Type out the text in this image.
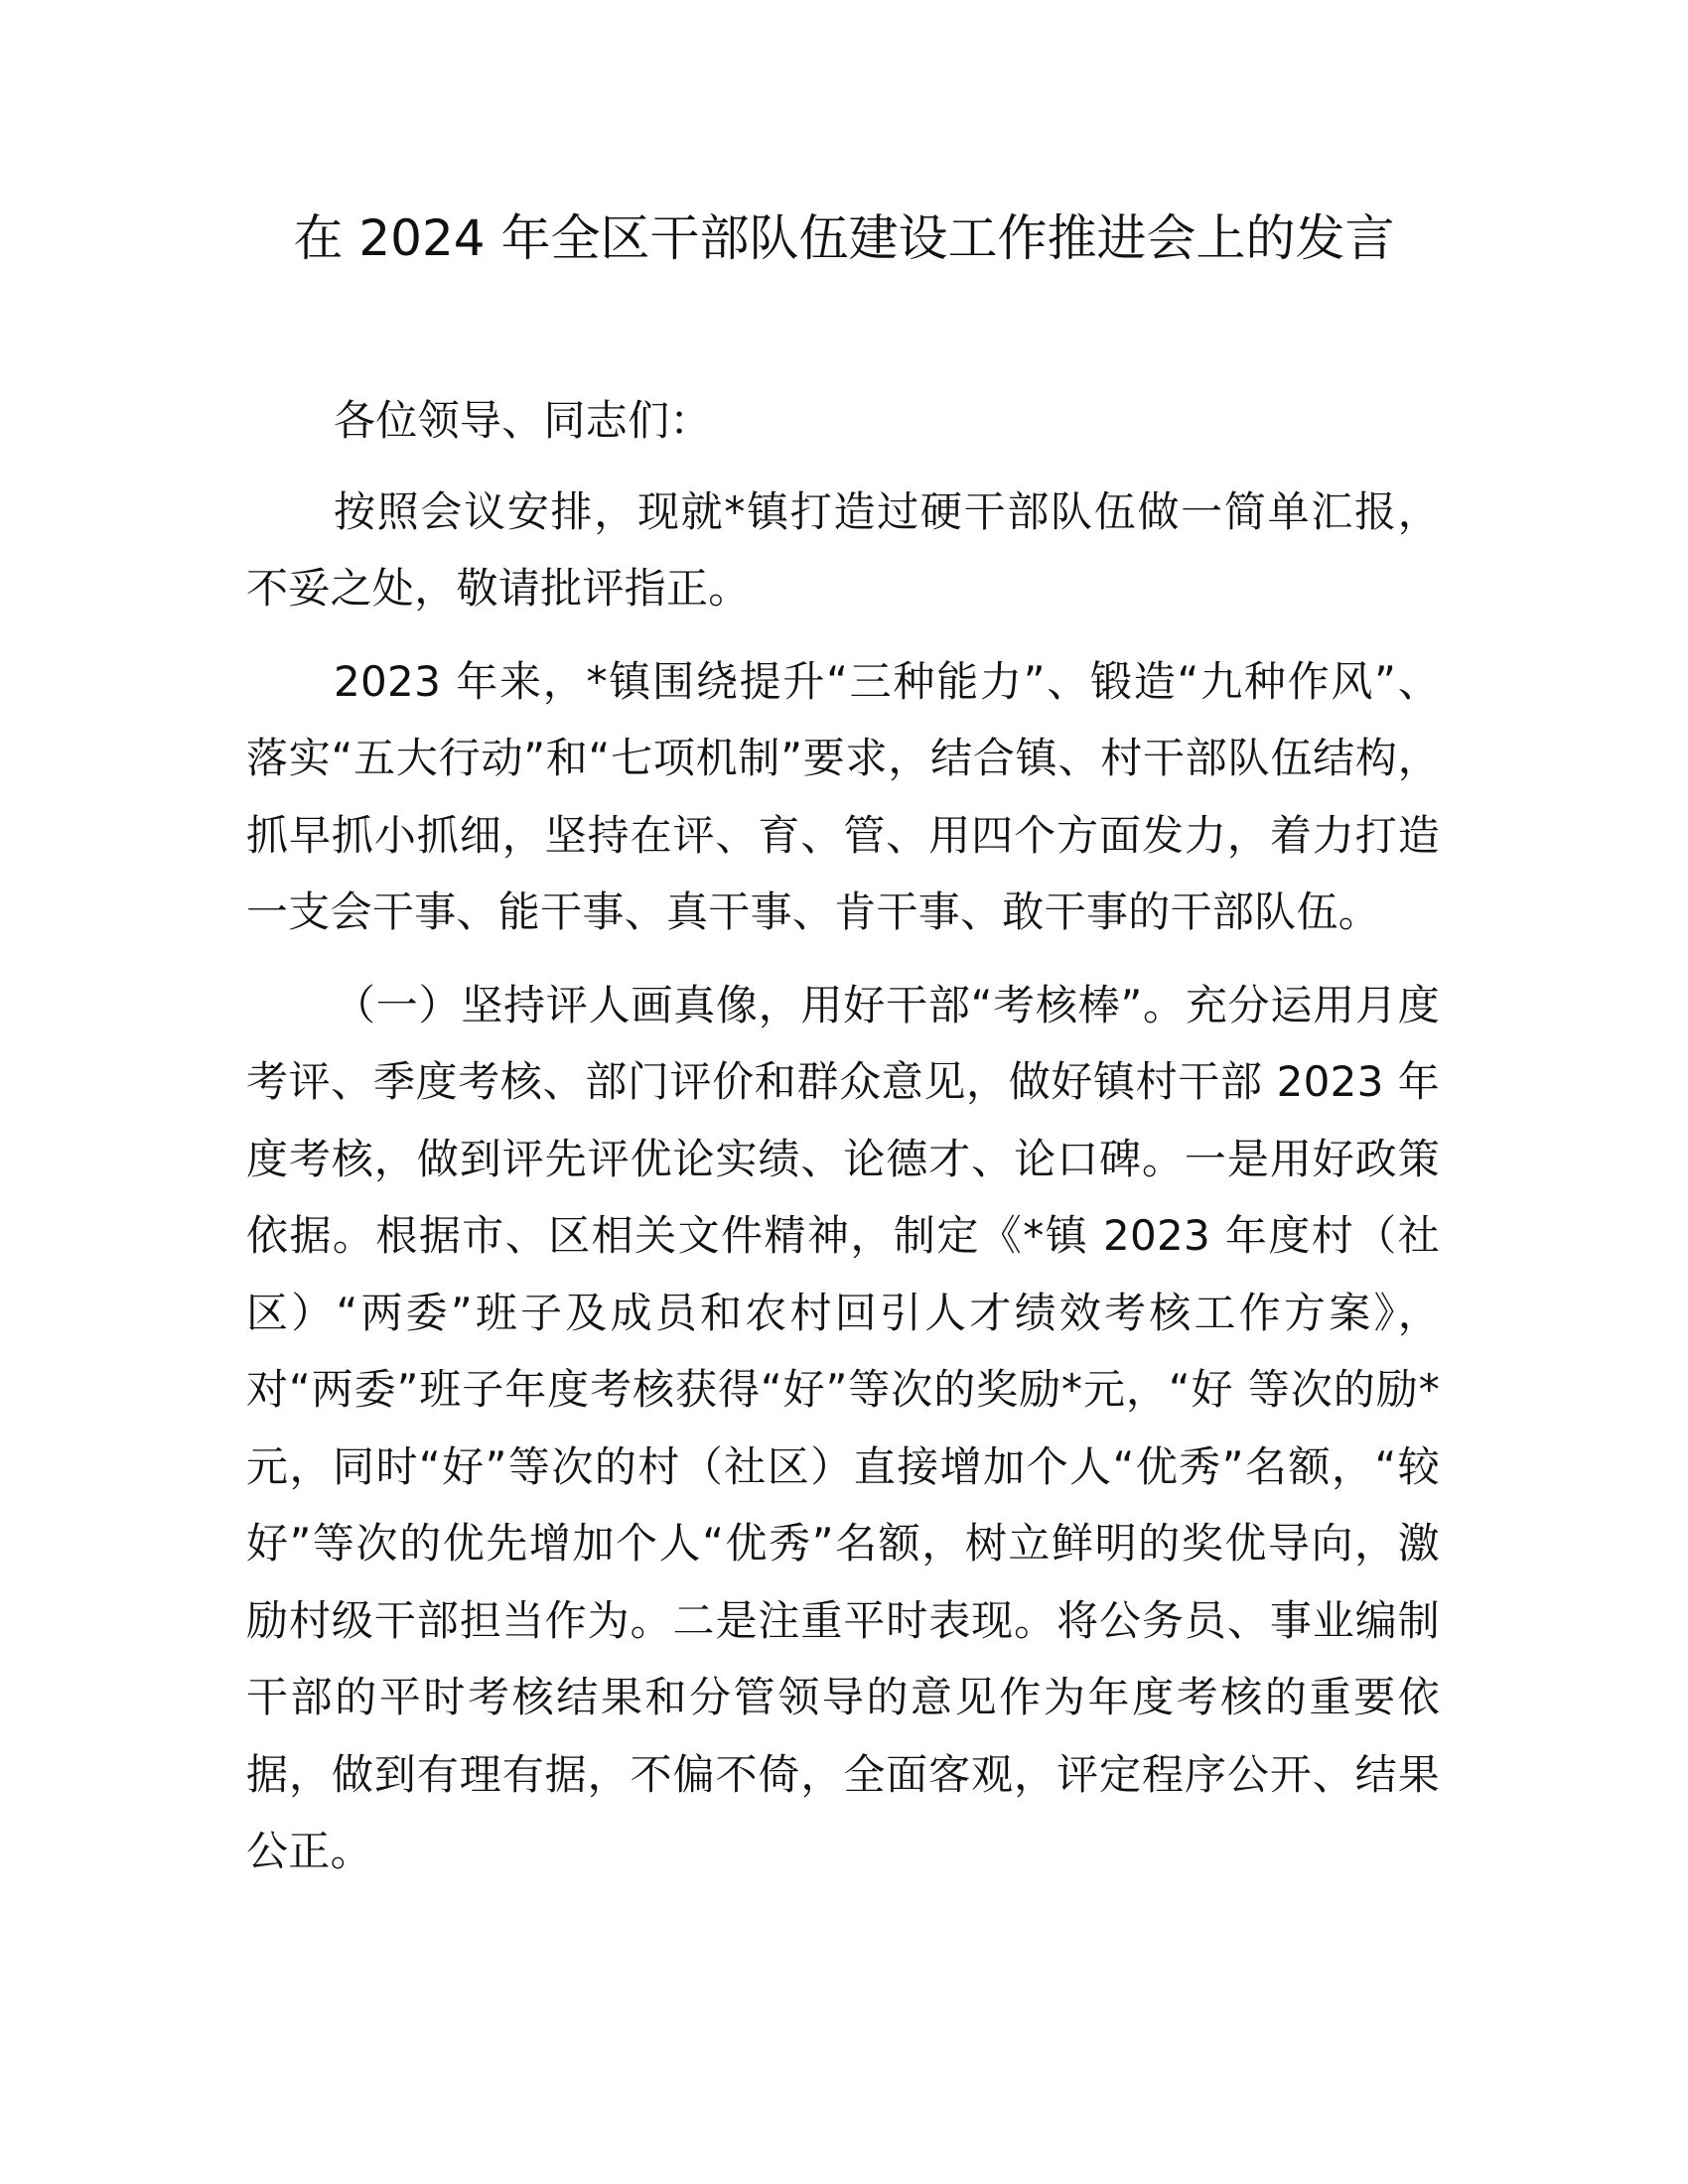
在 2024 年全区干部队伍建设工作推进会上的发言

各位领导、同志们：

按照会议安排，现就*镇打造过硬干部队伍做一简单汇报，不妥之处，敬请批评指正。

2023 年来，*镇围绕提升“三种能力”、锻造“九种作风”、落实“五大行动”和“七项机制”要求，结合镇、村干部队伍结构，抓早抓小抓细，坚持在评、育、管、用四个方面发力，着力打造一支会干事、能干事、真干事、肯干事、敢干事的干部队伍。

（一）坚持评人画真像，用好干部“考核棒”。充分运用月度考评、季度考核、部门评价和群众意见，做好镇村干部 2023 年度考核，做到评先评优论实绩、论德才、论口碑。一是用好政策依据。根据市、区相关文件精神，制定《*镇 2023 年度村（社区）“两委”班子及成员和农村回引人才绩效考核工作方案》，对“两委”班子年度考核获得“好”等次的奖励*元，“好 等次的励*元，同时“好”等次的村（社区）直接增加个人“优秀”名额，“较好”等次的优先增加个人“优秀”名额，树立鲜明的奖优导向，激励村级干部担当作为。二是注重平时表现。将公务员、事业编制干部的平时考核结果和分管领导的意见作为年度考核的重要依据，做到有理有据，不偏不倚，全面客观，评定程序公开、结果公正。
